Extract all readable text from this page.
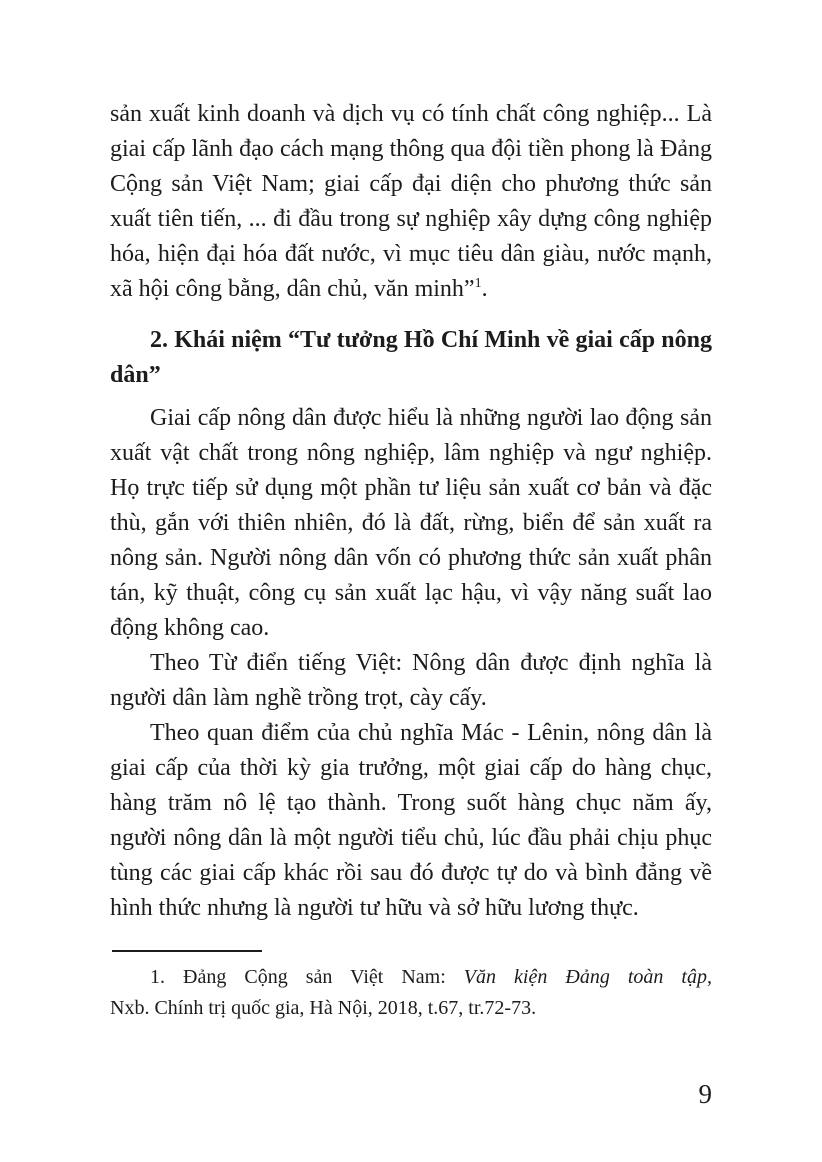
sản xuất kinh doanh và dịch vụ có tính chất công nghiệp... Là giai cấp lãnh đạo cách mạng thông qua đội tiền phong là Đảng Cộng sản Việt Nam; giai cấp đại diện cho phương thức sản xuất tiên tiến, ... đi đầu trong sự nghiệp xây dựng công nghiệp hóa, hiện đại hóa đất nước, vì mục tiêu dân giàu, nước mạnh, xã hội công bằng, dân chủ, văn minh”$^1$.

2. Khái niệm “Tư tưởng Hồ Chí Minh về giai cấp nông dân”

Giai cấp nông dân được hiểu là những người lao động sản xuất vật chất trong nông nghiệp, lâm nghiệp và ngư nghiệp. Họ trực tiếp sử dụng một phần tư liệu sản xuất cơ bản và đặc thù, gắn với thiên nhiên, đó là đất, rừng, biển để sản xuất ra nông sản. Người nông dân vốn có phương thức sản xuất phân tán, kỹ thuật, công cụ sản xuất lạc hậu, vì vậy năng suất lao động không cao.

Theo Từ điển tiếng Việt: Nông dân được định nghĩa là người dân làm nghề trồng trọt, cày cấy.

Theo quan điểm của chủ nghĩa Mác - Lênin, nông dân là giai cấp của thời kỳ gia trưởng, một giai cấp do hàng chục, hàng trăm nô lệ tạo thành. Trong suốt hàng chục năm ấy, người nông dân là một người tiểu chủ, lúc đầu phải chịu phục tùng các giai cấp khác rồi sau đó được tự do và bình đẳng về hình thức nhưng là người tư hữu và sở hữu lương thực.

1. Đảng Cộng sản Việt Nam: Văn kiện Đảng toàn tập,

Nxb. Chính trị quốc gia, Hà Nội, 2018, t.67, tr.72-73.

9
